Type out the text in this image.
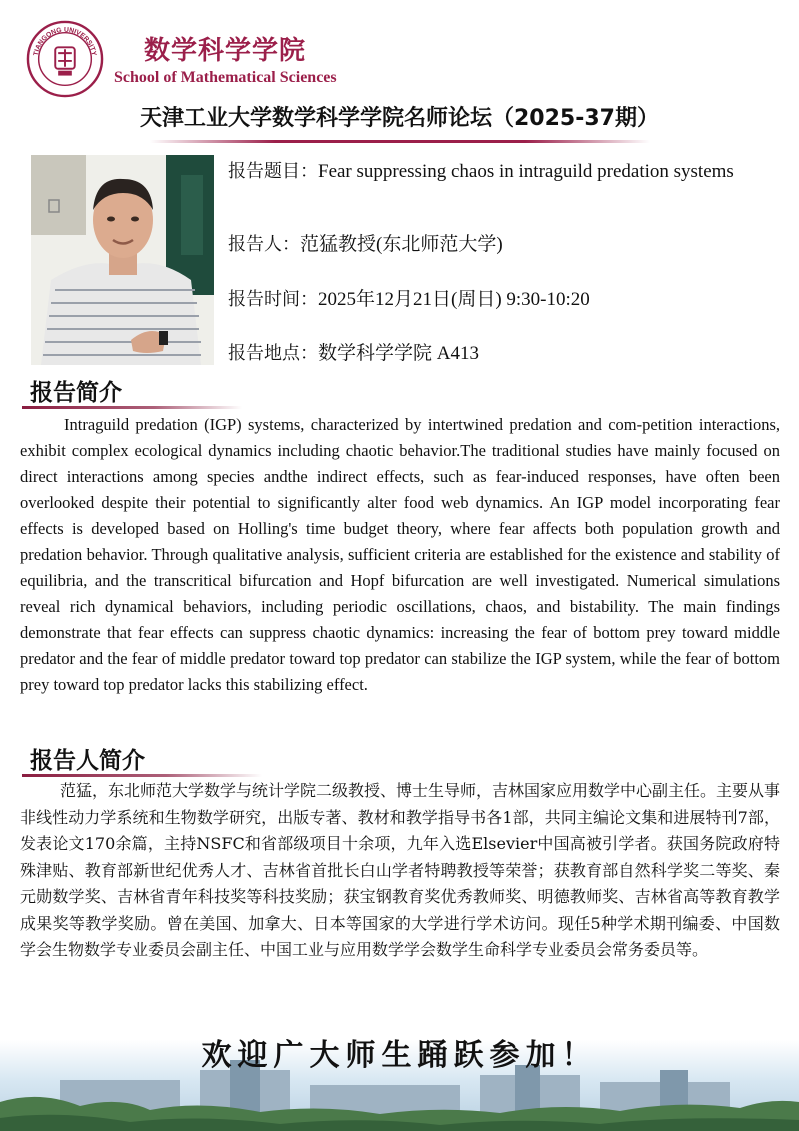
TIANGONG UNIVERSITY 数学科学学院
School of Mathematical Sciences
天津工业大学数学科学学院名师论坛（2025-37期）
报告题目：Fear suppressing chaos in intraguild predation systems
报告人：范猛教授(东北师范大学)
报告时间：2025年12月21日(周日) 9:30-10:20
报告地点：数学科学学院 A413
报告简介

Intraguild predation (IGP) systems, characterized by intertwined predation and com-petition interactions, exhibit complex ecological dynamics including chaotic behavior.The traditional studies have mainly focused on direct interactions among species andthe indirect effects, such as fear-induced responses, have often been overlooked despite their potential to significantly alter food web dynamics. An IGP model incorporating fear effects is developed based on Holling's time budget theory, where fear affects both population growth and predation behavior. Through qualitative analysis, sufficient criteria are established for the existence and stability of equilibria, and the transcritical bifurcation and Hopf bifurcation are well investigated. Numerical simulations reveal rich dynamical behaviors, including periodic oscillations, chaos, and bistability. The main findings demonstrate that fear effects can suppress chaotic dynamics: increasing the fear of bottom prey toward middle predator and the fear of middle predator toward top predator can stabilize the IGP system, while the fear of bottom prey toward top predator lacks this stabilizing effect.

报告人简介

范猛，东北师范大学数学与统计学院二级教授、博士生导师，吉林国家应用数学中心副主任。主要从事非线性动力学系统和生物数学研究，出版专著、教材和教学指导书各1部，共同主编论文集和进展特刊7部，发表论文170余篇，主持NSFC和省部级项目十余项，九年入选Elsevier中国高被引学者。获国务院政府特殊津贴、教育部新世纪优秀人才、吉林省首批长白山学者特聘教授等荣誉；获教育部自然科学奖二等奖、秦元勋数学奖、吉林省青年科技奖等科技奖励；获宝钢教育奖优秀教师奖、明德教师奖、吉林省高等教育教学成果奖等教学奖励。曾在美国、加拿大、日本等国家的大学进行学术访问。现任5种学术期刊编委、中国数学会生物数学专业委员会副主任、中国工业与应用数学学会数学生命科学专业委员会常务委员等。

欢迎广大师生踊跃参加！
